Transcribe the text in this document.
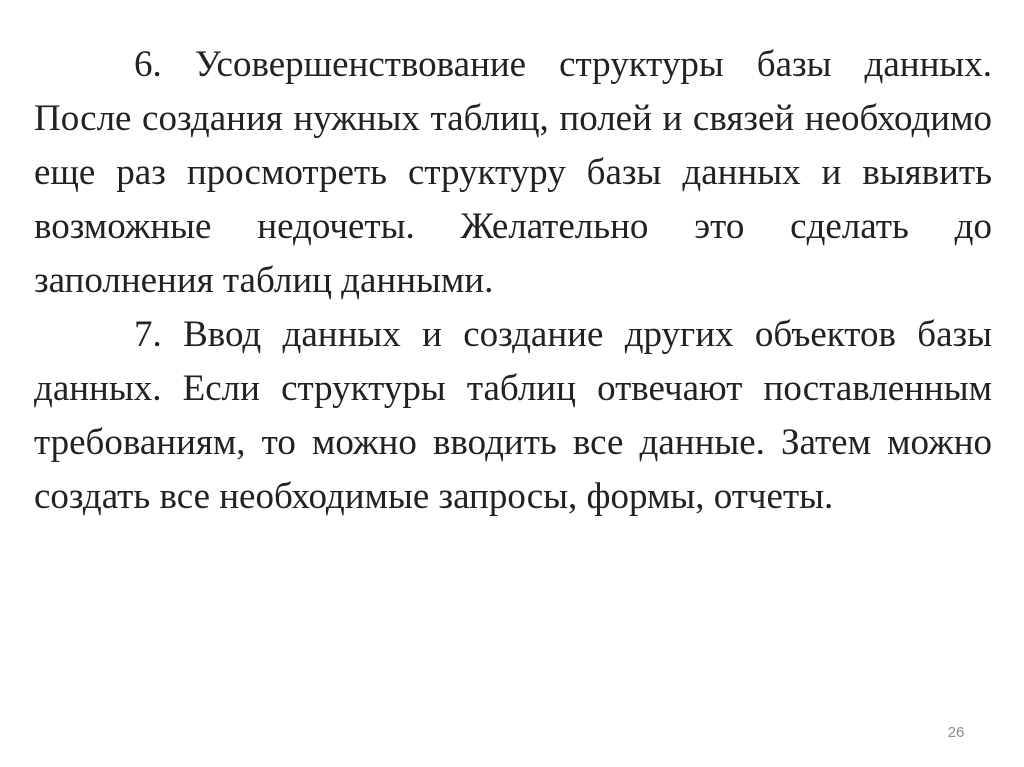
6. Усовершенствование структуры базы данных. После создания нужных таблиц, полей и связей необходимо еще раз просмотреть структуру базы данных и выявить возможные недочеты. Желательно это сделать до заполнения таблиц данными.

7. Ввод данных и создание других объектов базы данных. Если структуры таблиц отвечают поставленным требованиям, то можно вводить все данные. Затем можно создать все необходимые запросы, формы, отчеты.

26
